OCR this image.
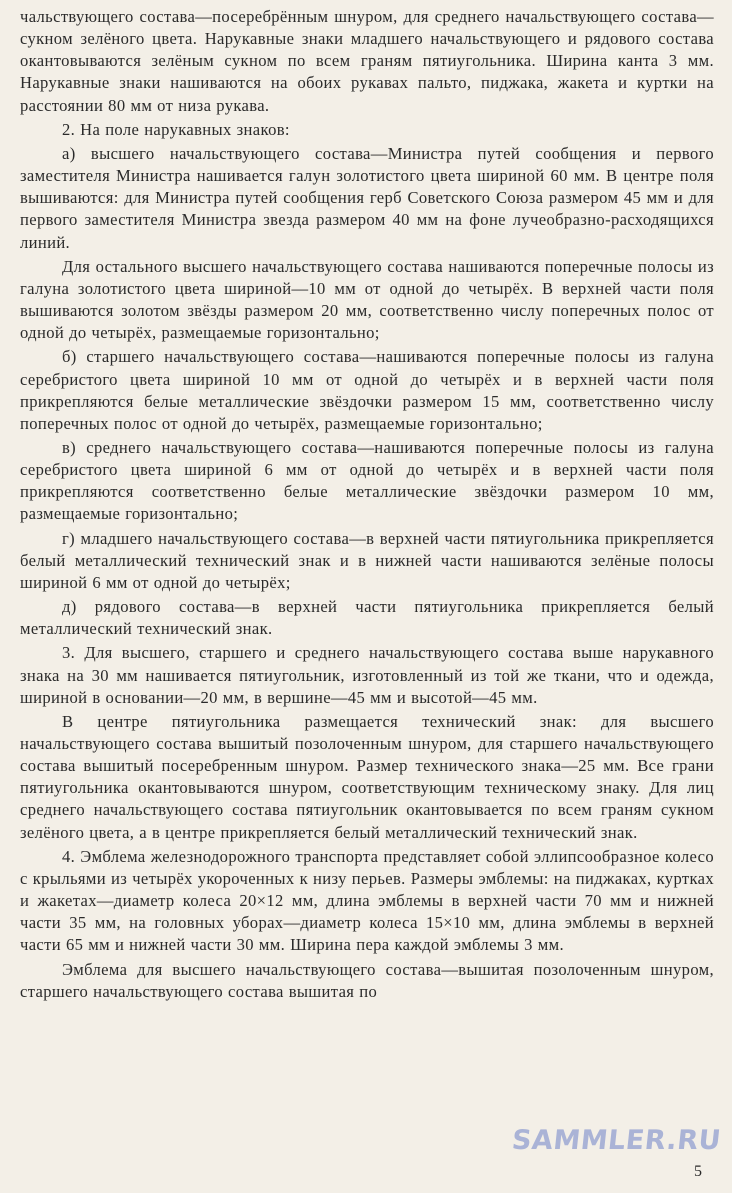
чальствующего состава—посеребрённым шнуром, для среднего начальствующего состава—сукном зелёного цвета. Нарукавные знаки младшего начальствующего и рядового состава окантовываются зелёным сукном по всем граням пятиугольника. Ширина канта 3 мм. Нарукавные знаки нашиваются на обоих рукавах пальто, пиджака, жакета и куртки на расстоянии 80 мм от низа рукава.

2. На поле нарукавных знаков:

а) высшего начальствующего состава—Министра путей сообщения и первого заместителя Министра нашивается галун золотистого цвета шириной 60 мм. В центре поля вышиваются: для Министра путей сообщения герб Советского Союза размером 45 мм и для первого заместителя Министра звезда размером 40 мм на фоне лучеобразно-расходящихся линий.

Для остального высшего начальствующего состава нашиваются поперечные полосы из галуна золотистого цвета шириной—10 мм от одной до четырёх. В верхней части поля вышиваются золотом звёзды размером 20 мм, соответственно числу поперечных полос от одной до четырёх, размещаемые горизонтально;

б) старшего начальствующего состава—нашиваются поперечные полосы из галуна серебристого цвета шириной 10 мм от одной до четырёх и в верхней части поля прикрепляются белые металлические звёздочки размером 15 мм, соответственно числу поперечных полос от одной до четырёх, размещаемые горизонтально;

в) среднего начальствующего состава—нашиваются поперечные полосы из галуна серебристого цвета шириной 6 мм от одной до четырёх и в верхней части поля прикрепляются соответственно белые металлические звёздочки размером 10 мм, размещаемые горизонтально;

г) младшего начальствующего состава—в верхней части пятиугольника прикрепляется белый металлический технический знак и в нижней части нашиваются зелёные полосы шириной 6 мм от одной до четырёх;

д) рядового состава—в верхней части пятиугольника прикрепляется белый металлический технический знак.

3. Для высшего, старшего и среднего начальствующего состава выше нарукавного знака на 30 мм нашивается пятиугольник, изготовленный из той же ткани, что и одежда, шириной в основании—20 мм, в вершине—45 мм и высотой—45 мм.

В центре пятиугольника размещается технический знак: для высшего начальствующего состава вышитый позолоченным шнуром, для старшего начальствующего состава вышитый посеребренным шнуром. Размер технического знака—25 мм. Все грани пятиугольника окантовываются шнуром, соответствующим техническому знаку. Для лиц среднего начальствующего состава пятиугольник окантовывается по всем граням сукном зелёного цвета, а в центре прикрепляется белый металлический технический знак.

4. Эмблема железнодорожного транспорта представляет собой эллипсообразное колесо с крыльями из четырёх укороченных к низу перьев. Размеры эмблемы: на пиджаках, куртках и жакетах—диаметр колеса 20×12 мм, длина эмблемы в верхней части 70 мм и нижней части 35 мм, на головных уборах—диаметр колеса 15×10 мм, длина эмблемы в верхней части 65 мм и нижней части 30 мм. Ширина пера каждой эмблемы 3 мм.

Эмблема для высшего начальствующего состава—вышитая позолоченным шнуром, старшего начальствующего состава вышитая по

SAMMLER.RU
5
